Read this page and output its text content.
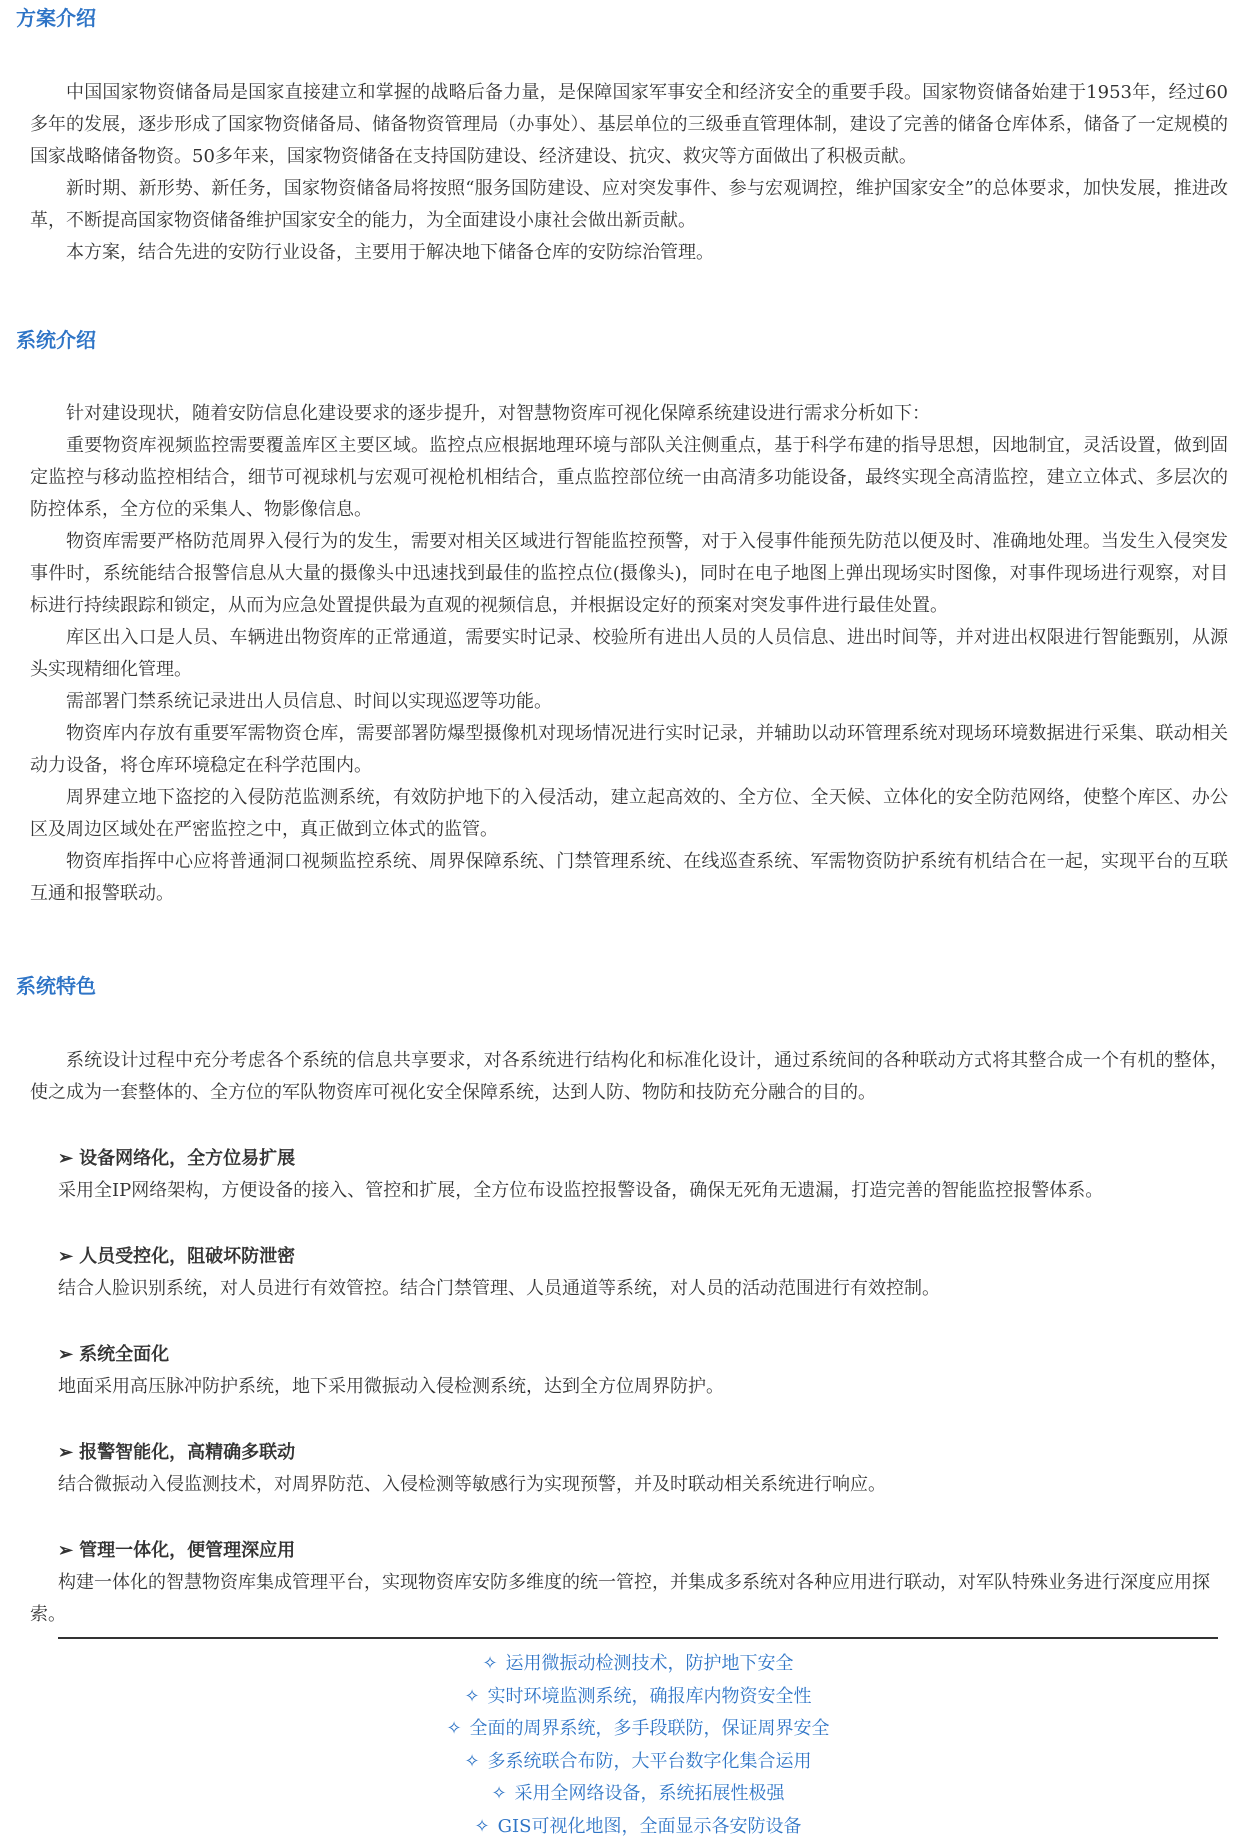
方案介绍

中国国家物资储备局是国家直接建立和掌握的战略后备力量，是保障国家军事安全和经济安全的重要手段。国家物资储备始建于1953年，经过60多年的发展，逐步形成了国家物资储备局、储备物资管理局（办事处）、基层单位的三级垂直管理体制，建设了完善的储备仓库体系，储备了一定规模的国家战略储备物资。50多年来，国家物资储备在支持国防建设、经济建设、抗灾、救灾等方面做出了积极贡献。

新时期、新形势、新任务，国家物资储备局将按照“服务国防建设、应对突发事件、参与宏观调控，维护国家安全”的总体要求，加快发展，推进改革，不断提高国家物资储备维护国家安全的能力，为全面建设小康社会做出新贡献。

本方案，结合先进的安防行业设备，主要用于解决地下储备仓库的安防综治管理。

系统介绍

针对建设现状，随着安防信息化建设要求的逐步提升，对智慧物资库可视化保障系统建设进行需求分析如下：

重要物资库视频监控需要覆盖库区主要区域。监控点应根据地理环境与部队关注侧重点，基于科学布建的指导思想，因地制宜，灵活设置，做到固定监控与移动监控相结合，细节可视球机与宏观可视枪机相结合，重点监控部位统一由高清多功能设备，最终实现全高清监控，建立立体式、多层次的防控体系，全方位的采集人、物影像信息。

物资库需要严格防范周界入侵行为的发生，需要对相关区域进行智能监控预警，对于入侵事件能预先防范以便及时、准确地处理。当发生入侵突发事件时，系统能结合报警信息从大量的摄像头中迅速找到最佳的监控点位(摄像头)，同时在电子地图上弹出现场实时图像，对事件现场进行观察，对目标进行持续跟踪和锁定，从而为应急处置提供最为直观的视频信息，并根据设定好的预案对突发事件进行最佳处置。

库区出入口是人员、车辆进出物资库的正常通道，需要实时记录、校验所有进出人员的人员信息、进出时间等，并对进出权限进行智能甄别，从源头实现精细化管理。

需部署门禁系统记录进出人员信息、时间以实现巡逻等功能。

物资库内存放有重要军需物资仓库，需要部署防爆型摄像机对现场情况进行实时记录，并辅助以动环管理系统对现场环境数据进行采集、联动相关动力设备，将仓库环境稳定在科学范围内。

周界建立地下盗挖的入侵防范监测系统，有效防护地下的入侵活动，建立起高效的、全方位、全天候、立体化的安全防范网络，使整个库区、办公区及周边区域处在严密监控之中，真正做到立体式的监管。

物资库指挥中心应将普通洞口视频监控系统、周界保障系统、门禁管理系统、在线巡查系统、军需物资防护系统有机结合在一起，实现平台的互联互通和报警联动。

系统特色

系统设计过程中充分考虑各个系统的信息共享要求，对各系统进行结构化和标准化设计，通过系统间的各种联动方式将其整合成一个有机的整体，使之成为一套整体的、全方位的军队物资库可视化安全保障系统，达到人防、物防和技防充分融合的目的。

➢ 设备网络化，全方位易扩展

采用全IP网络架构，方便设备的接入、管控和扩展，全方位布设监控报警设备，确保无死角无遗漏，打造完善的智能监控报警体系。

➢ 人员受控化，阻破坏防泄密

结合人脸识别系统，对人员进行有效管控。结合门禁管理、人员通道等系统，对人员的活动范围进行有效控制。

➢ 系统全面化

地面采用高压脉冲防护系统，地下采用微振动入侵检测系统，达到全方位周界防护。

➢ 报警智能化，高精确多联动

结合微振动入侵监测技术，对周界防范、入侵检测等敏感行为实现预警，并及时联动相关系统进行响应。

➢ 管理一体化，便管理深应用

构建一体化的智慧物资库集成管理平台，实现物资库安防多维度的统一管控，并集成多系统对各种应用进行联动，对军队特殊业务进行深度应用探索。

✧ 运用微振动检测技术，防护地下安全
✧ 实时环境监测系统，确报库内物资安全性
✧ 全面的周界系统，多手段联防，保证周界安全
✧ 多系统联合布防，大平台数字化集合运用
✧ 采用全网络设备，系统拓展性极强
✧ GIS可视化地图，全面显示各安防设备
